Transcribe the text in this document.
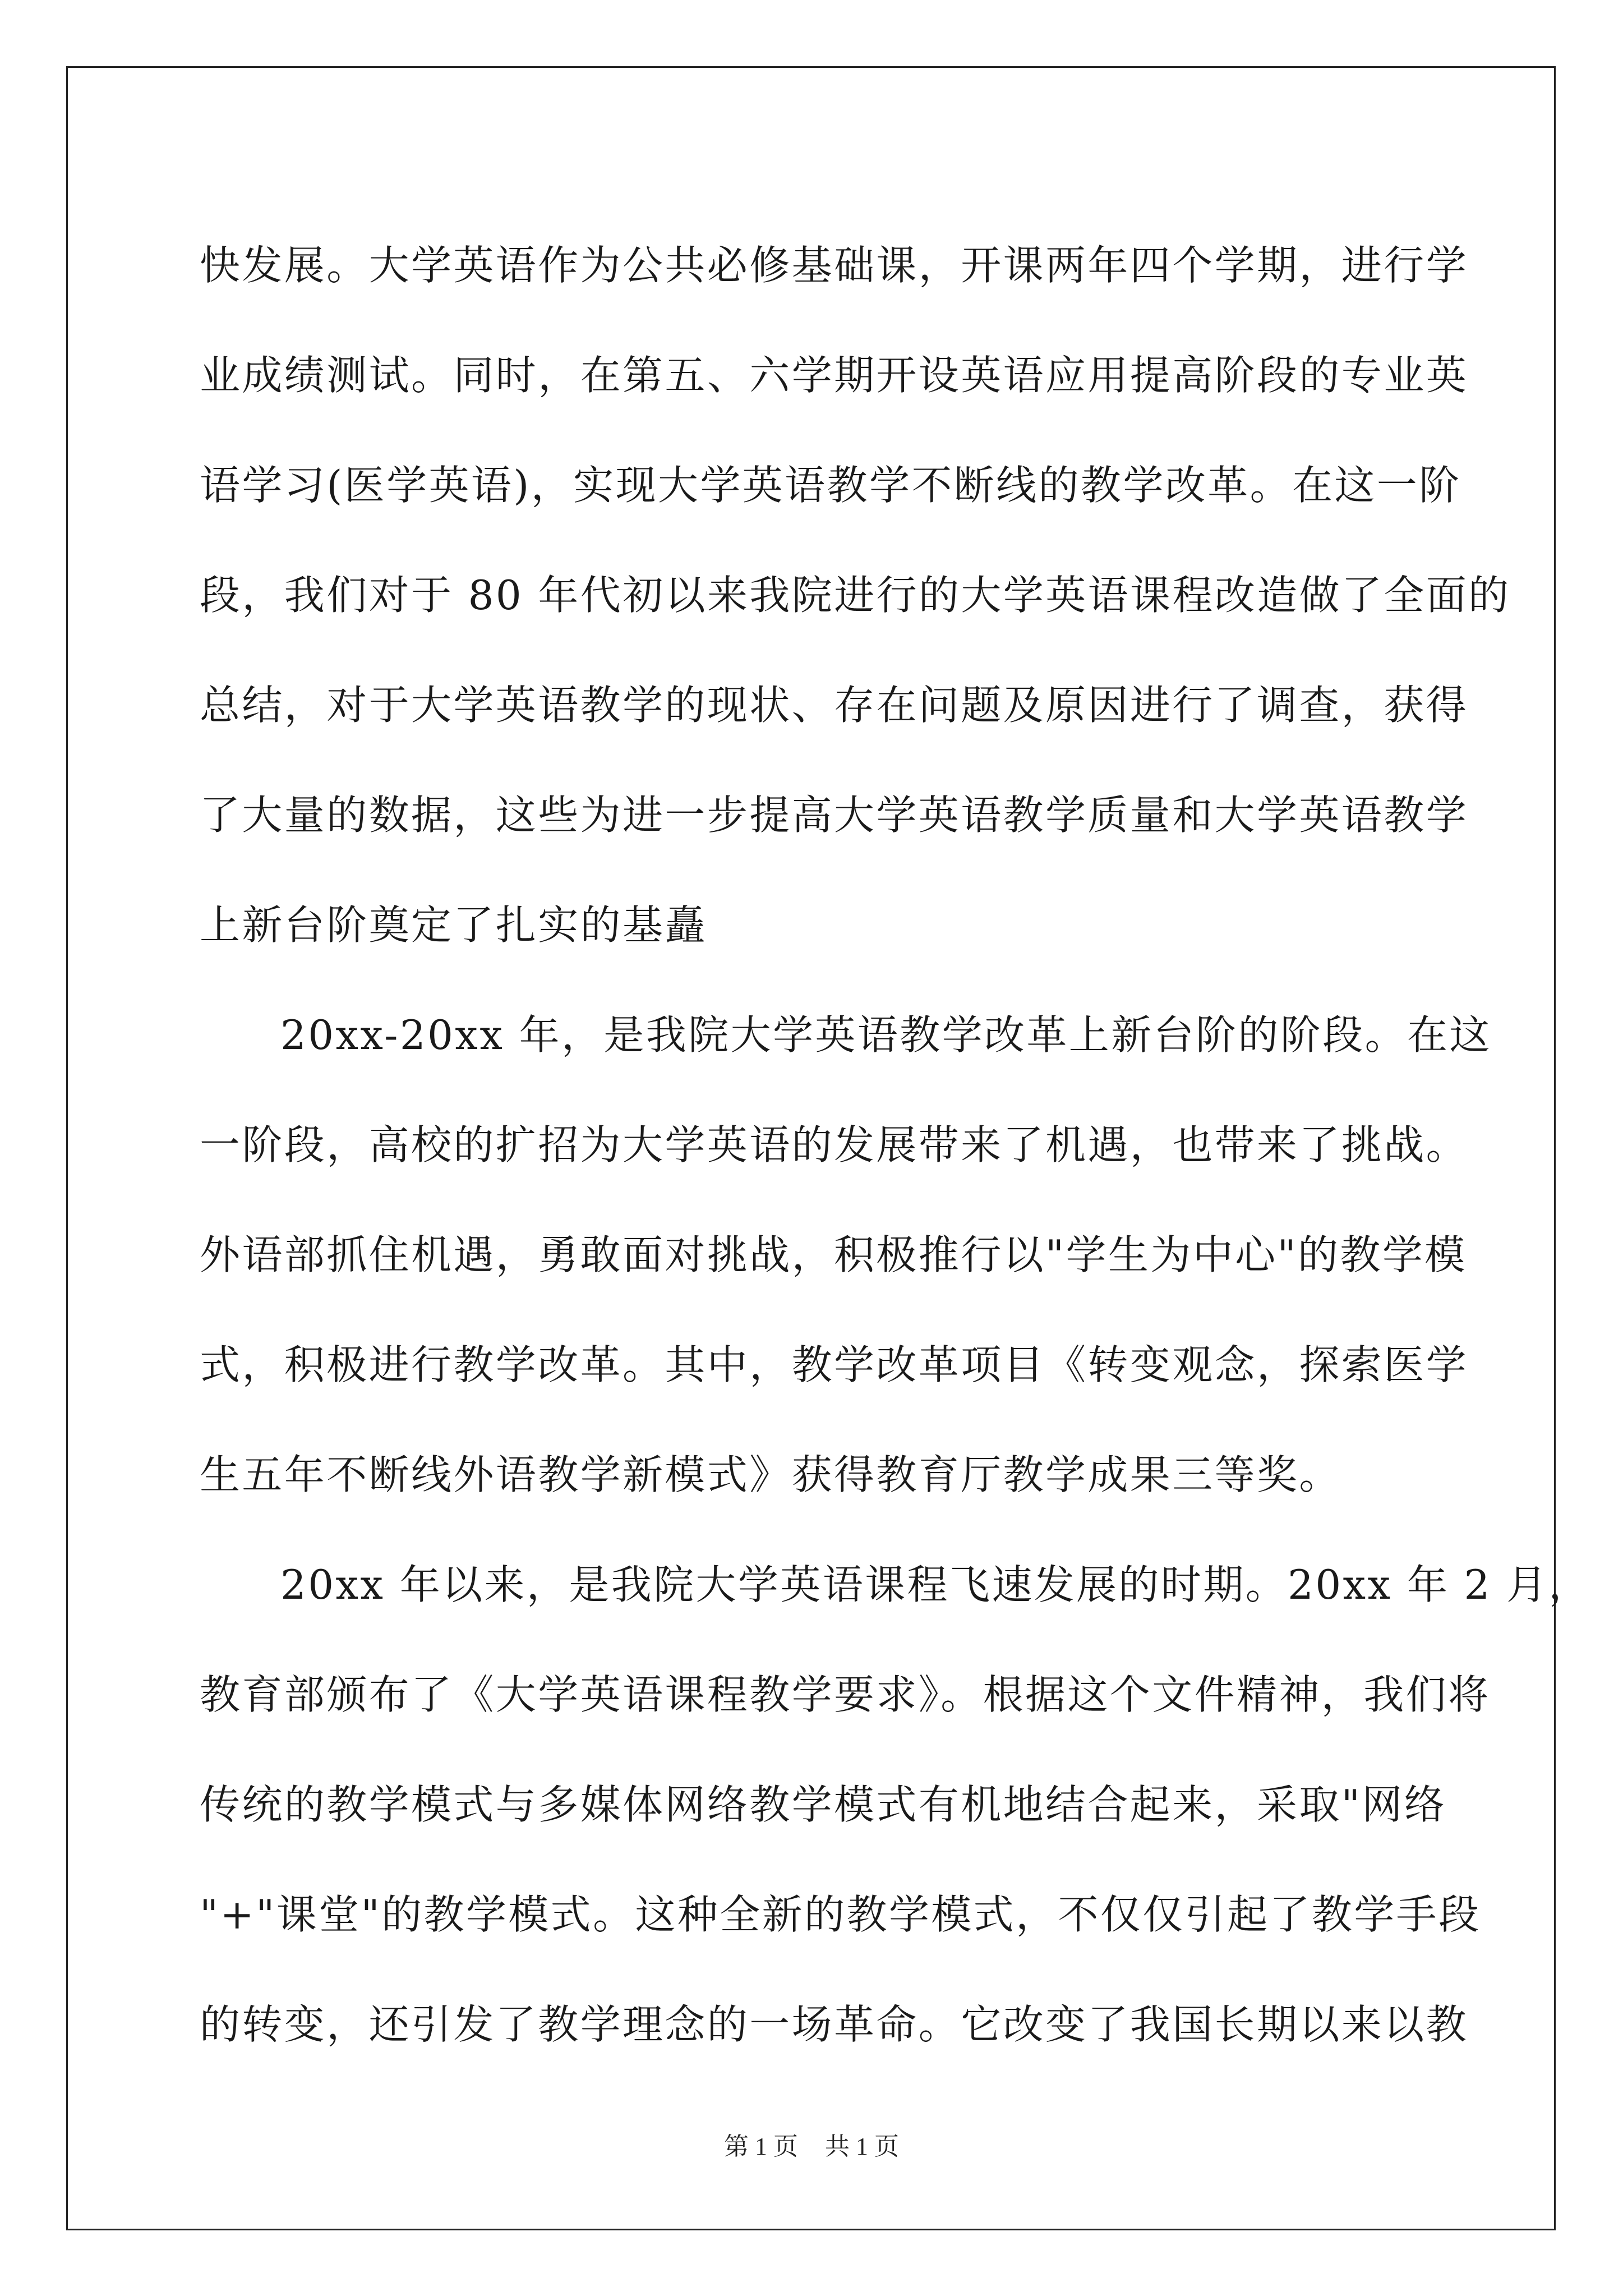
快发展。大学英语作为公共必修基础课，开课两年四个学期，进行学
业成绩测试。同时，在第五、六学期开设英语应用提高阶段的专业英
语学习(医学英语)，实现大学英语教学不断线的教学改革。在这一阶
段，我们对于 80 年代初以来我院进行的大学英语课程改造做了全面的
总结，对于大学英语教学的现状、存在问题及原因进行了调查，获得
了大量的数据，这些为进一步提高大学英语教学质量和大学英语教学
上新台阶奠定了扎实的基矗
20xx-20xx 年，是我院大学英语教学改革上新台阶的阶段。在这
一阶段，高校的扩招为大学英语的发展带来了机遇，也带来了挑战。
外语部抓住机遇，勇敢面对挑战，积极推行以"学生为中心"的教学模
式，积极进行教学改革。其中，教学改革项目《转变观念，探索医学
生五年不断线外语教学新模式》获得教育厅教学成果三等奖。
20xx 年以来，是我院大学英语课程飞速发展的时期。20xx 年 2 月，
教育部颁布了《大学英语课程教学要求》。根据这个文件精神，我们将
传统的教学模式与多媒体网络教学模式有机地结合起来，采取"网络
"+"课堂"的教学模式。这种全新的教学模式，不仅仅引起了教学手段
的转变，还引发了教学理念的一场革命。它改变了我国长期以来以教
第 1 页 共 1 页
